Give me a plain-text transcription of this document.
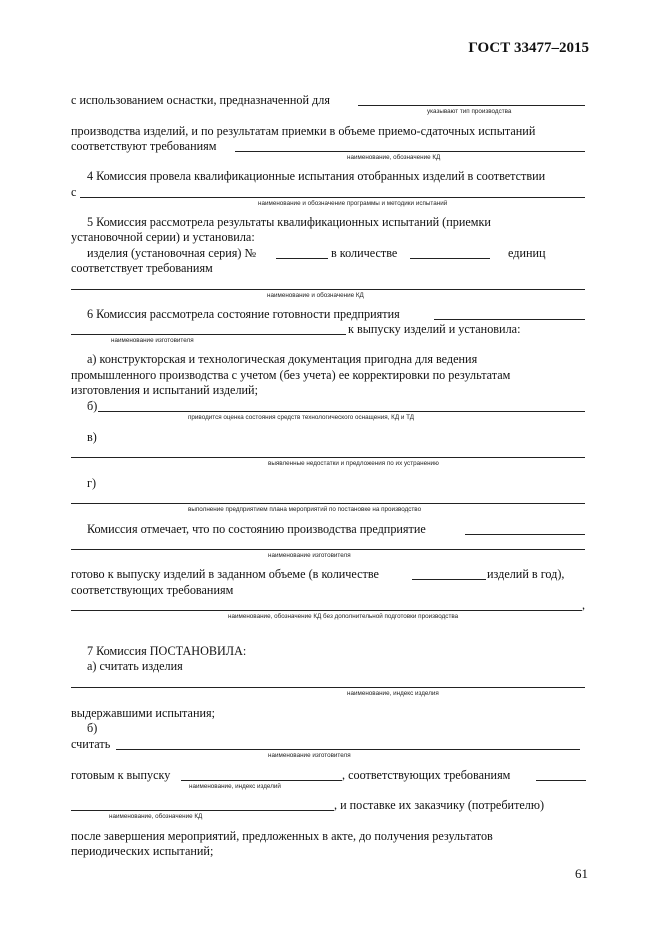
ГОСТ 33477–2015
с использованием оснастки, предназначенной для
указывают тип производства
производства изделий, и по результатам приемки в объеме приемо-сдаточных испытаний
соответствуют требованиям
наименование, обозначение КД
4 Комиссия провела квалификационные испытания отобранных изделий в соответствии
с
наименование и обозначение программы и методики испытаний
5 Комиссия рассмотрела результаты квалификационных испытаний (приемки
установочной серии) и установила:
изделия (установочная серия) №	в количестве	единиц
соответствует требованиям
наименование и обозначение КД
6 Комиссия рассмотрела состояние готовности предприятия
к выпуску изделий и установила:
наименование изготовителя
а) конструкторская и технологическая документация пригодна для ведения
промышленного производства с учетом (без учета) ее корректировки по результатам
изготовления и испытаний изделий;
б)
приводится оценка состояния средств технологического оснащения, КД и ТД
в)
выявленные недостатки и предложения по их устранению
г)
выполнение предприятием плана мероприятий по постановке на производство
Комиссия отмечает, что по состоянию производства предприятие
наименование изготовителя
готово к выпуску изделий в заданном объеме (в количестве	изделий в год),
соответствующих требованиям
,
наименование, обозначение КД без дополнительной подготовки производства
7 Комиссия ПОСТАНОВИЛА:
а) считать изделия
наименование, индекс изделия
выдержавшими испытания;
б)
считать
наименование изготовителя
готовым к выпуску	, соответствующих требованиям
наименование, индекс изделий
, и поставке их заказчику (потребителю)
наименование, обозначение КД
после завершения мероприятий, предложенных в акте, до получения результатов
периодических испытаний;
61
